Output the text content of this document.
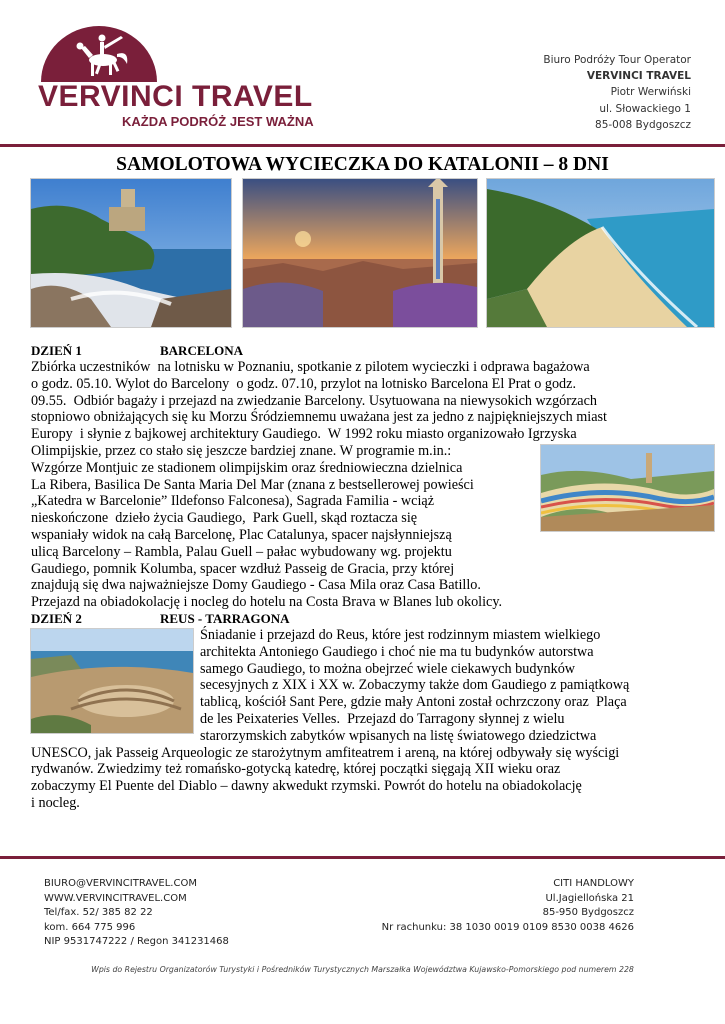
VERVINCI TRAVEL
KAŻDA PODRÓŻ JEST WAŻNA
Biuro Podróży Tour Operator
VERVINCI TRAVEL
Piotr Werwiński
ul. Słowackiego 1
85-008 Bydgoszcz
SAMOLOTOWA WYCIECZKA DO KATALONII – 8 DNI
DZIEŃ 1	BARCELONA
Zbiórka uczestników  na lotnisku w Poznaniu, spotkanie z pilotem wycieczki i odprawa bagażowa
o godz. 05.10. Wylot do Barcelony  o godz. 07.10, przylot na lotnisko Barcelona El Prat o godz.
09.55.  Odbiór bagaży i przejazd na zwiedzanie Barcelony. Usytuowana na niewysokich wzgórzach
stopniowo obniżających się ku Morzu Śródziemnemu uważana jest za jedno z najpiękniejszych miast
Europy  i słynie z bajkowej architektury Gaudiego.  W 1992 roku miasto organizowało Igrzyska
Olimpijskie, przez co stało się jeszcze bardziej znane. W programie m.in.:
Wzgórze Montjuic ze stadionem olimpijskim oraz średniowieczna dzielnica
La Ribera, Basilica De Santa Maria Del Mar (znana z bestsellerowej powieści
„Katedra w Barcelonie” Ildefonso Falconesa), Sagrada Familia - wciąż
nieskończone  dzieło życia Gaudiego,  Park Guell, skąd roztacza się
wspaniały widok na całą Barcelonę, Plac Catalunya, spacer najsłynniejszą
ulicą Barcelony – Rambla, Palau Guell – pałac wybudowany wg. projektu
Gaudiego, pomnik Kolumba, spacer wzdłuż Passeig de Gracia, przy której
znajdują się dwa najważniejsze Domy Gaudiego - Casa Mila oraz Casa Batillo.
Przejazd na obiadokolację i nocleg do hotelu na Costa Brava w Blanes lub okolicy.
DZIEŃ 2	REUS - TARRAGONA
Śniadanie i przejazd do Reus, które jest rodzinnym miastem wielkiego
architekta Antoniego Gaudiego i choć nie ma tu budynków autorstwa
samego Gaudiego, to można obejrzeć wiele ciekawych budynków
secesyjnych z XIX i XX w. Zobaczymy także dom Gaudiego z pamiątkową
tablicą, kościół Sant Pere, gdzie mały Antoni został ochrzczony oraz  Plaça
de les Peixateries Velles.  Przejazd do Tarragony słynnej z wielu
starorzymskich zabytków wpisanych na listę światowego dziedzictwa
UNESCO, jak Passeig Arqueologic ze starożytnym amfiteatrem i areną, na której odbywały się wyścigi
rydwanów. Zwiedzimy też romańsko-gotycką katedrę, której początki sięgają XII wieku oraz
zobaczymy El Puente del Diablo – dawny akwedukt rzymski. Powrót do hotelu na obiadokolację
i nocleg.
BIURO@VERVINCITRAVEL.COM
WWW.VERVINCITRAVEL.COM
Tel/fax. 52/ 385 82 22
kom. 664 775 996
NIP 9531747222 / Regon 341231468
CITI HANDLOWY
Ul.Jagiellońska 21
85-950 Bydgoszcz
Nr rachunku: 38 1030 0019 0109 8530 0038 4626
Wpis do Rejestru Organizatorów Turystyki i Pośredników Turystycznych Marszałka Województwa Kujawsko-Pomorskiego pod numerem 228
